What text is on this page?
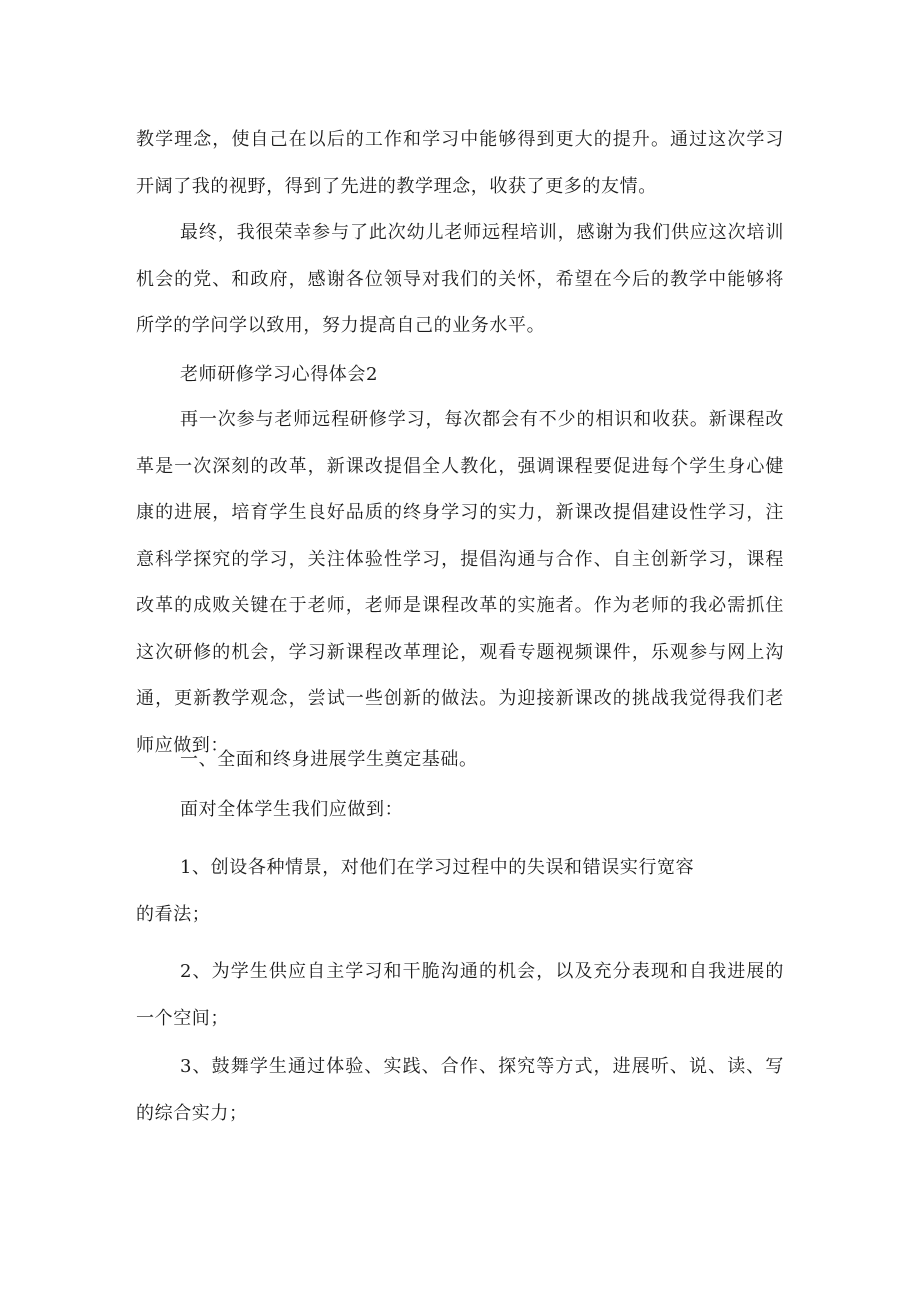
教学理念，使自己在以后的工作和学习中能够得到更大的提升。通过这次学习开阔了我的视野，得到了先进的教学理念，收获了更多的友情。

最终，我很荣幸参与了此次幼儿老师远程培训，感谢为我们供应这次培训机会的党、和政府，感谢各位领导对我们的关怀，希望在今后的教学中能够将所学的学问学以致用，努力提高自己的业务水平。

老师研修学习心得体会2

再一次参与老师远程研修学习，每次都会有不少的相识和收获。新课程改革是一次深刻的改革，新课改提倡全人教化，强调课程要促进每个学生身心健康的进展，培育学生良好品质的终身学习的实力，新课改提倡建设性学习，注意科学探究的学习，关注体验性学习，提倡沟通与合作、自主创新学习，课程改革的成败关键在于老师，老师是课程改革的实施者。作为老师的我必需抓住这次研修的机会，学习新课程改革理论，观看专题视频课件，乐观参与网上沟通，更新教学观念，尝试一些创新的做法。为迎接新课改的挑战我觉得我们老师应做到：

一、全面和终身进展学生奠定基础。

面对全体学生我们应做到：

1、创设各种情景，对他们在学习过程中的失误和错误实行宽容

的看法；

2、为学生供应自主学习和干脆沟通的机会，以及充分表现和自我进展的一个空间；

3、鼓舞学生通过体验、实践、合作、探究等方式，进展听、说、读、写的综合实力；
